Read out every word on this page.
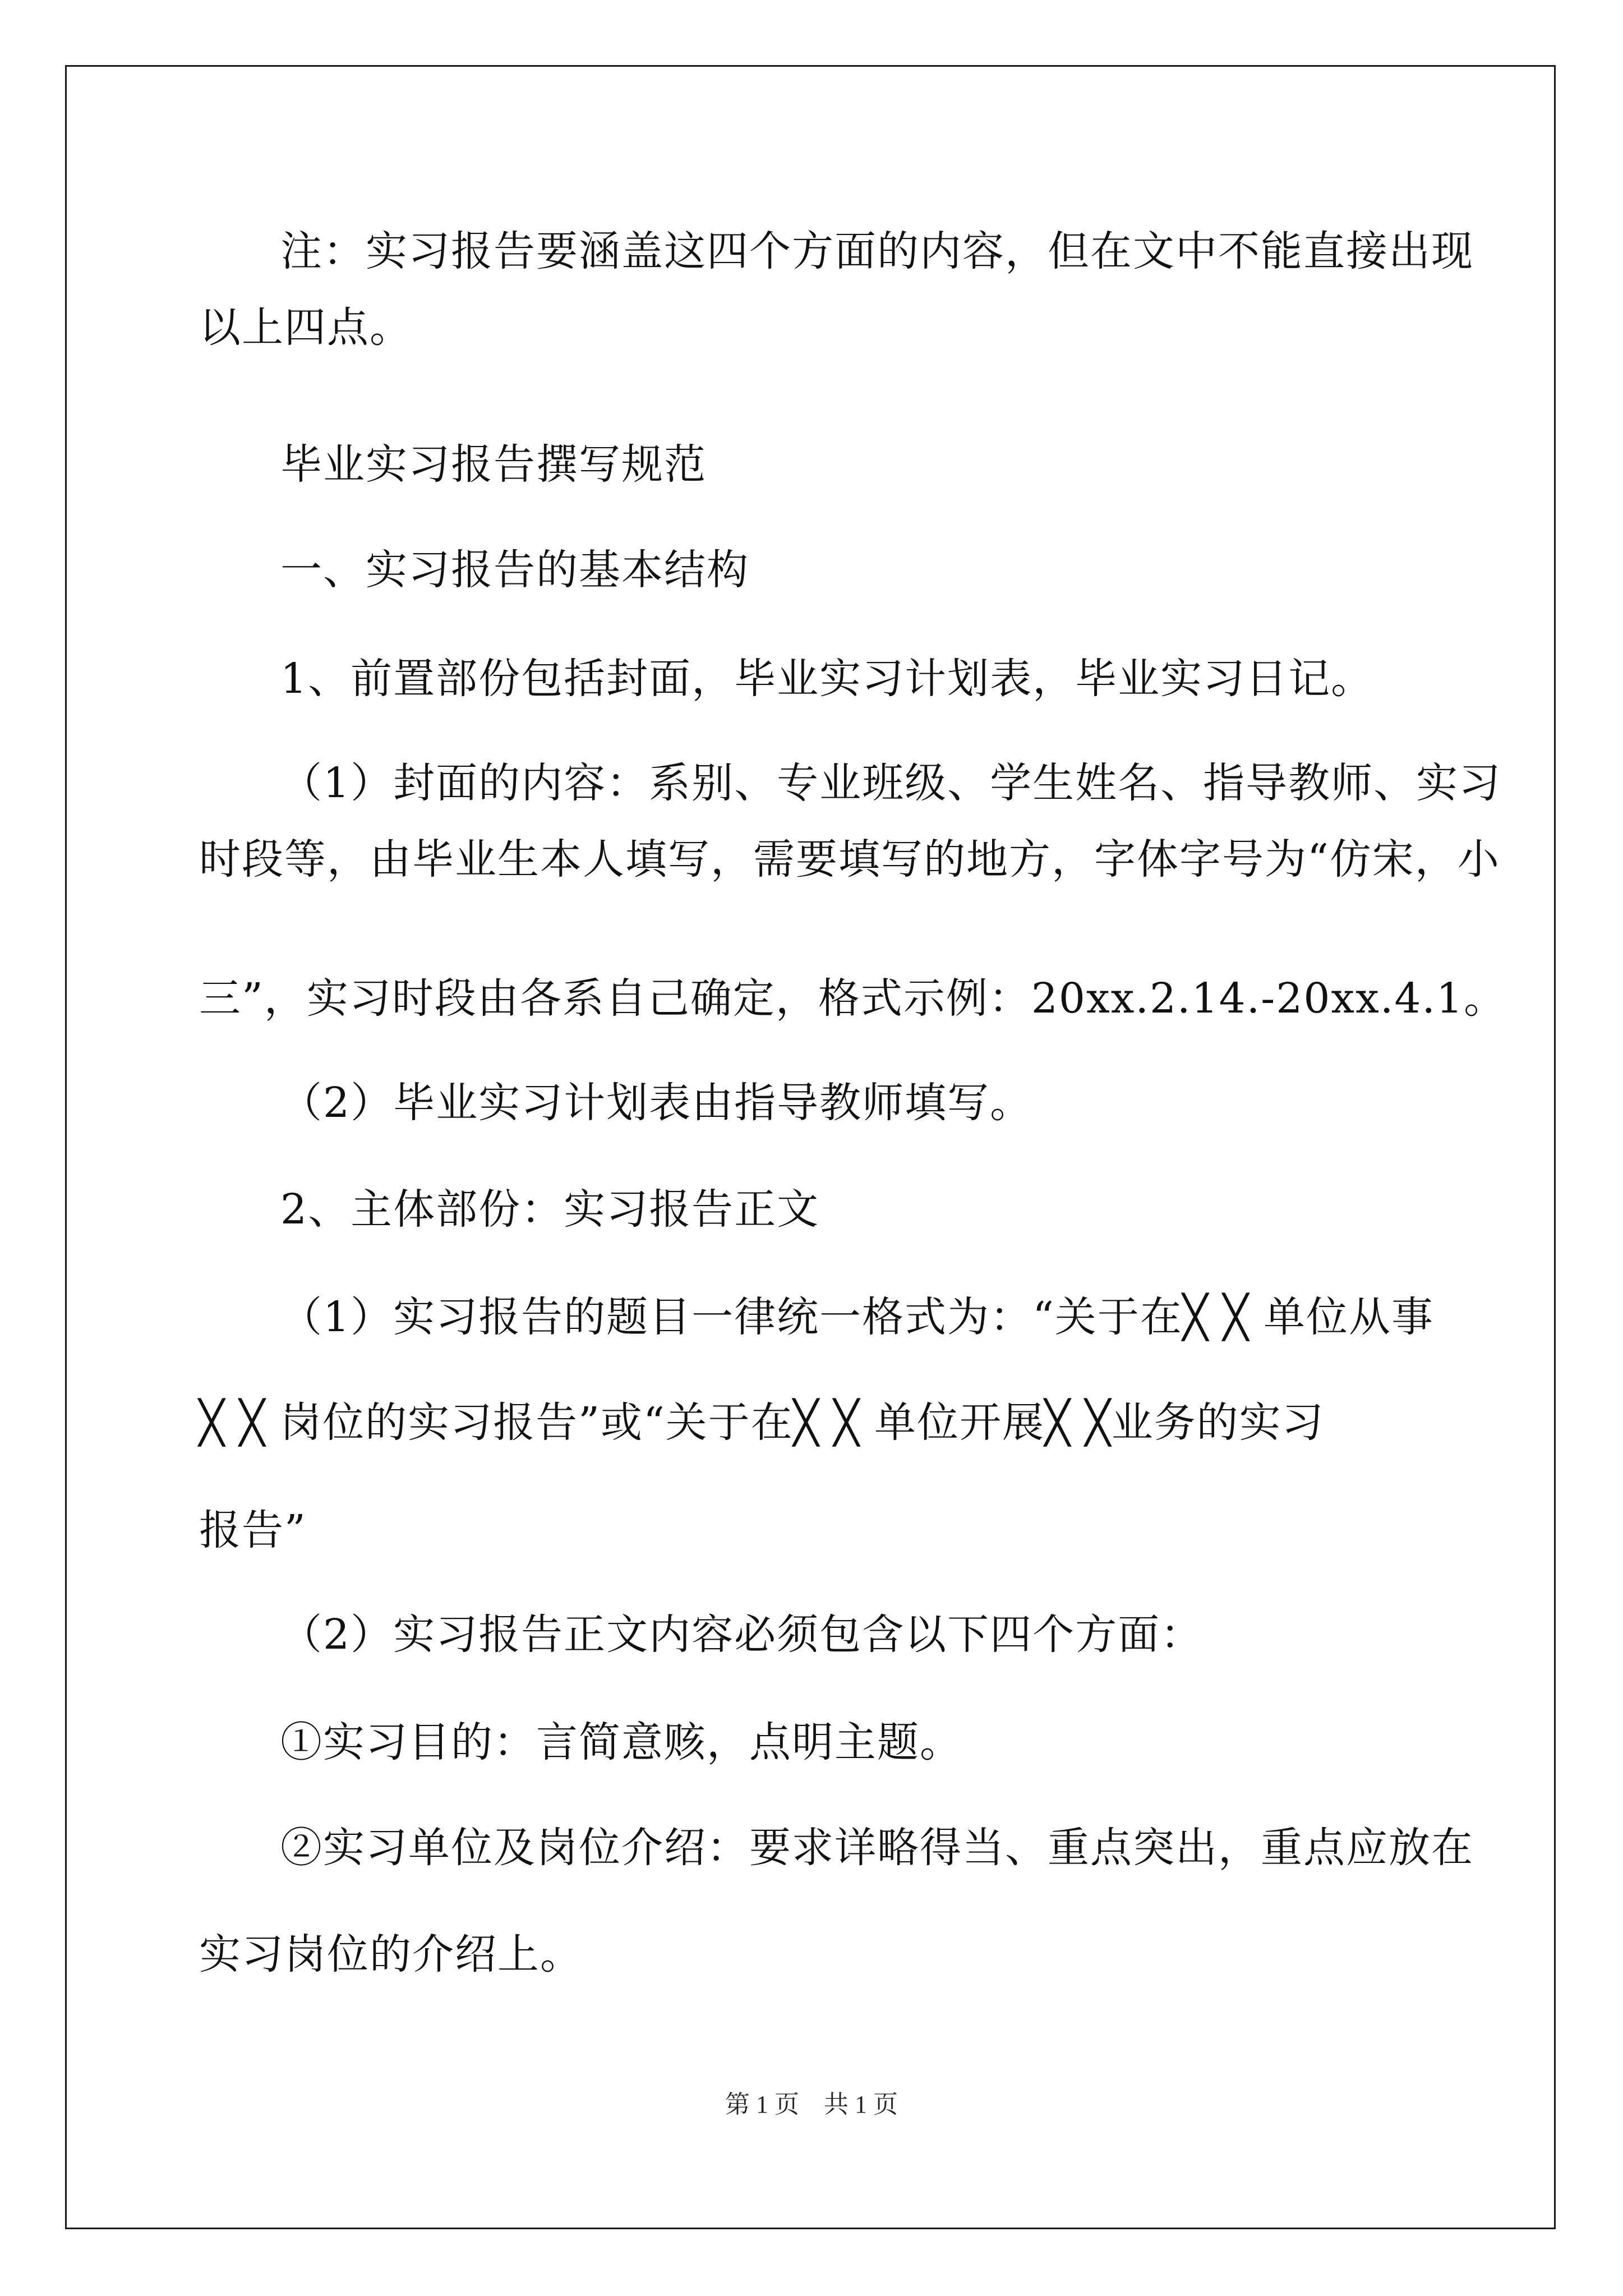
注：实习报告要涵盖这四个方面的内容，但在文中不能直接出现
以上四点。
毕业实习报告撰写规范
一、实习报告的基本结构
1、前置部份包括封面，毕业实习计划表，毕业实习日记。
（1）封面的内容：系别、专业班级、学生姓名、指导教师、实习
时段等，由毕业生本人填写，需要填写的地方，字体字号为“仿宋，小
三”，实习时段由各系自己确定，格式示例：20xx.2.14.-20xx.4.1。
（2）毕业实习计划表由指导教师填写。
2、主体部份：实习报告正文
（1）实习报告的题目一律统一格式为：“关于在╳ ╳ 单位从事
╳ ╳ 岗位的实习报告”或“关于在╳ ╳ 单位开展╳ ╳业务的实习
报告”
（2）实习报告正文内容必须包含以下四个方面：
①实习目的：言简意赅，点明主题。
②实习单位及岗位介绍：要求详略得当、重点突出，重点应放在
实习岗位的介绍上。
第 1 页　共 1 页
